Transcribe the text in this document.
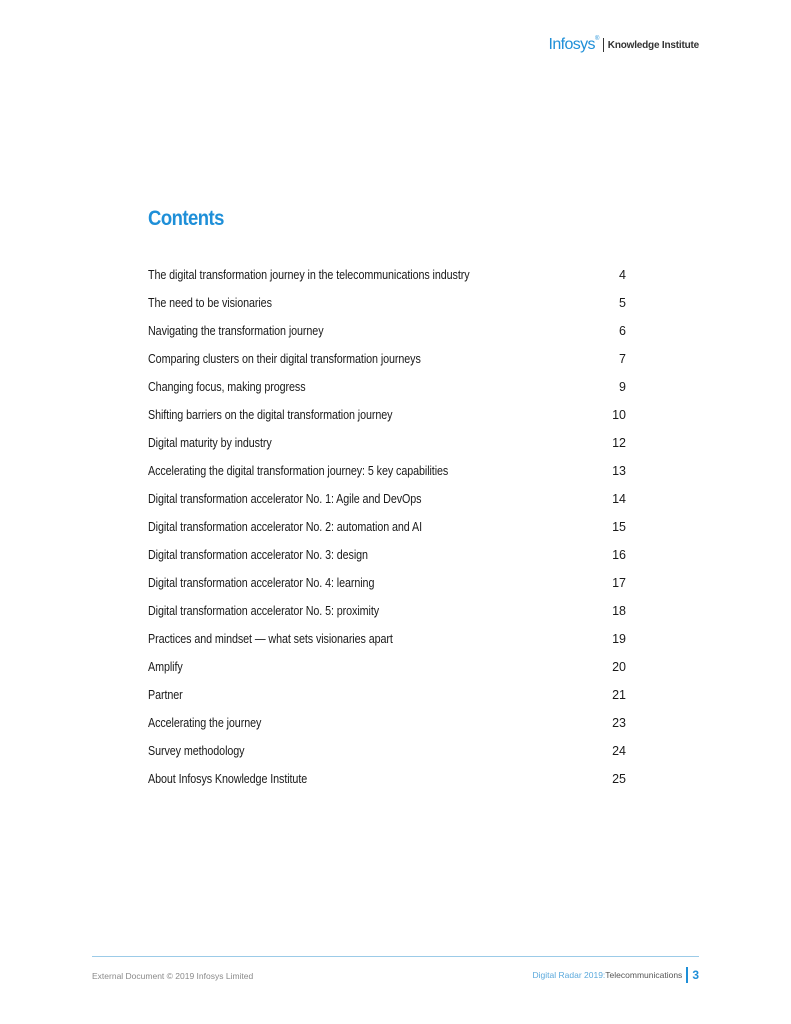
Infosys®
Knowledge Institute
Contents
The digital transformation journey in the telecommunications industry	4
The need to be visionaries	5
Navigating the transformation journey	6
Comparing clusters on their digital transformation journeys	7
Changing focus, making progress	9
Shifting barriers on the digital transformation journey	10
Digital maturity by industry	12
Accelerating the digital transformation journey: 5 key capabilities	13
Digital transformation accelerator No. 1: Agile and DevOps	14
Digital transformation accelerator No. 2: automation and AI	15
Digital transformation accelerator No. 3: design	16
Digital transformation accelerator No. 4: learning	17
Digital transformation accelerator No. 5: proximity	18
Practices and mindset — what sets visionaries apart	19
Amplify	20
Partner	21
Accelerating the journey	23
Survey methodology	24
About Infosys Knowledge Institute	25
External Document © 2019 Infosys Limited	Digital Radar 2019: Telecommunications 3
